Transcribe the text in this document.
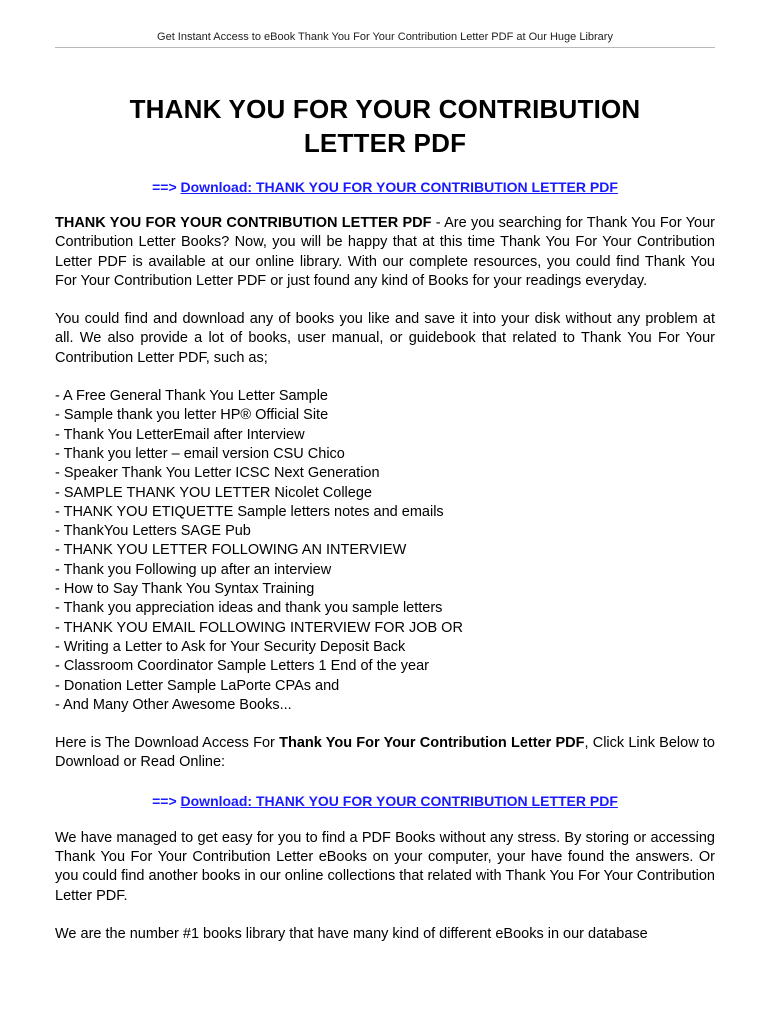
Get Instant Access to eBook Thank You For Your Contribution Letter PDF at Our Huge Library
THANK YOU FOR YOUR CONTRIBUTION
LETTER PDF
==> Download: THANK YOU FOR YOUR CONTRIBUTION LETTER PDF

THANK YOU FOR YOUR CONTRIBUTION LETTER PDF - Are you searching for Thank You For Your Contribution Letter Books? Now, you will be happy that at this time Thank You For Your Contribution Letter PDF is available at our online library. With our complete resources, you could find Thank You For Your Contribution Letter PDF or just found any kind of Books for your readings everyday.

You could find and download any of books you like and save it into your disk without any problem at all. We also provide a lot of books, user manual, or guidebook that related to Thank You For Your Contribution Letter PDF, such as;

- A Free General Thank You Letter Sample
- Sample thank you letter HP® Official Site
- Thank You LetterEmail after Interview
- Thank you letter – email version CSU Chico
- Speaker Thank You Letter ICSC Next Generation
- SAMPLE THANK YOU LETTER Nicolet College
- THANK YOU ETIQUETTE Sample letters notes and emails
- ThankYou Letters SAGE Pub
- THANK YOU LETTER FOLLOWING AN INTERVIEW
- Thank you Following up after an interview
- How to Say Thank You Syntax Training
- Thank you appreciation ideas and thank you sample letters
- THANK YOU EMAIL FOLLOWING INTERVIEW FOR JOB OR
- Writing a Letter to Ask for Your Security Deposit Back
- Classroom Coordinator Sample Letters 1 End of the year
- Donation Letter Sample LaPorte CPAs and
- And Many Other Awesome Books...

Here is The Download Access For Thank You For Your Contribution Letter PDF, Click Link Below to Download or Read Online:

==> Download: THANK YOU FOR YOUR CONTRIBUTION LETTER PDF

We have managed to get easy for you to find a PDF Books without any stress. By storing or accessing Thank You For Your Contribution Letter eBooks on your computer, your have found the answers. Or you could find another books in our online collections that related with Thank You For Your Contribution Letter PDF.

We are the number #1 books library that have many kind of different eBooks in our database
